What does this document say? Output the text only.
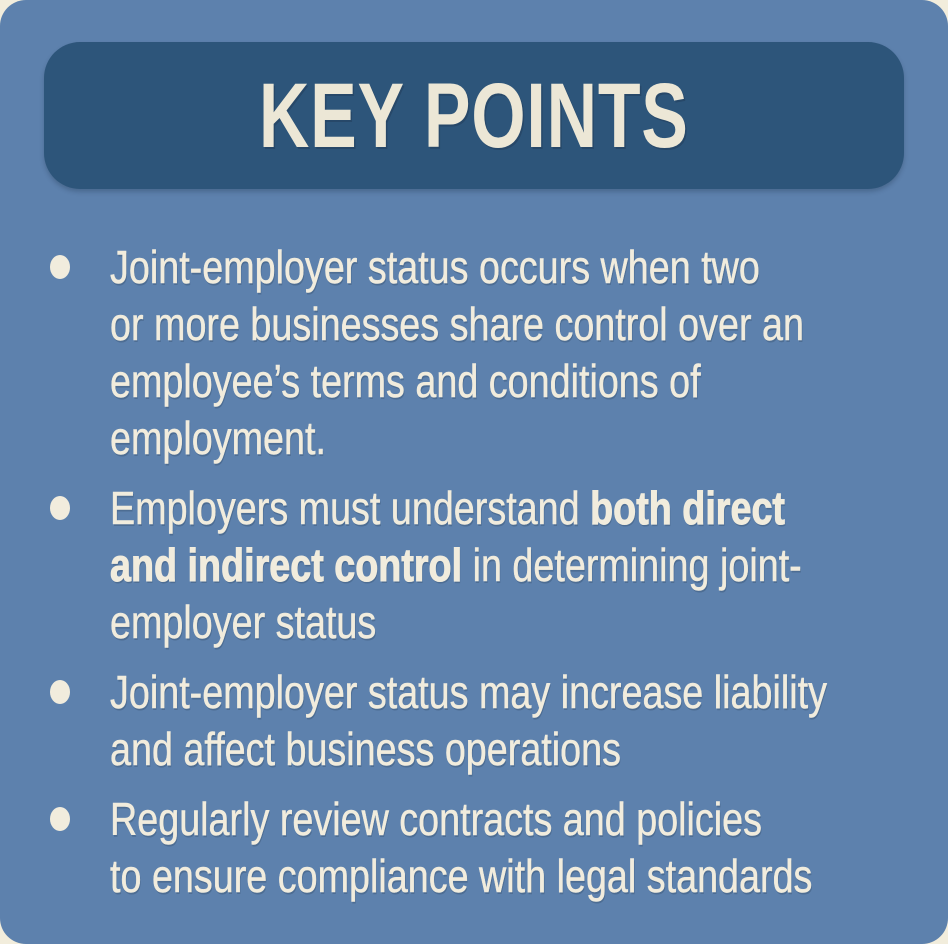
KEY POINTS
Joint-employer status occurs when two
or more businesses share control over an
employee’s terms and conditions of
employment.
Employers must understand both direct
and indirect control in determining joint-
employer status
Joint-employer status may increase liability
and affect business operations
Regularly review contracts and policies
to ensure compliance with legal standards
